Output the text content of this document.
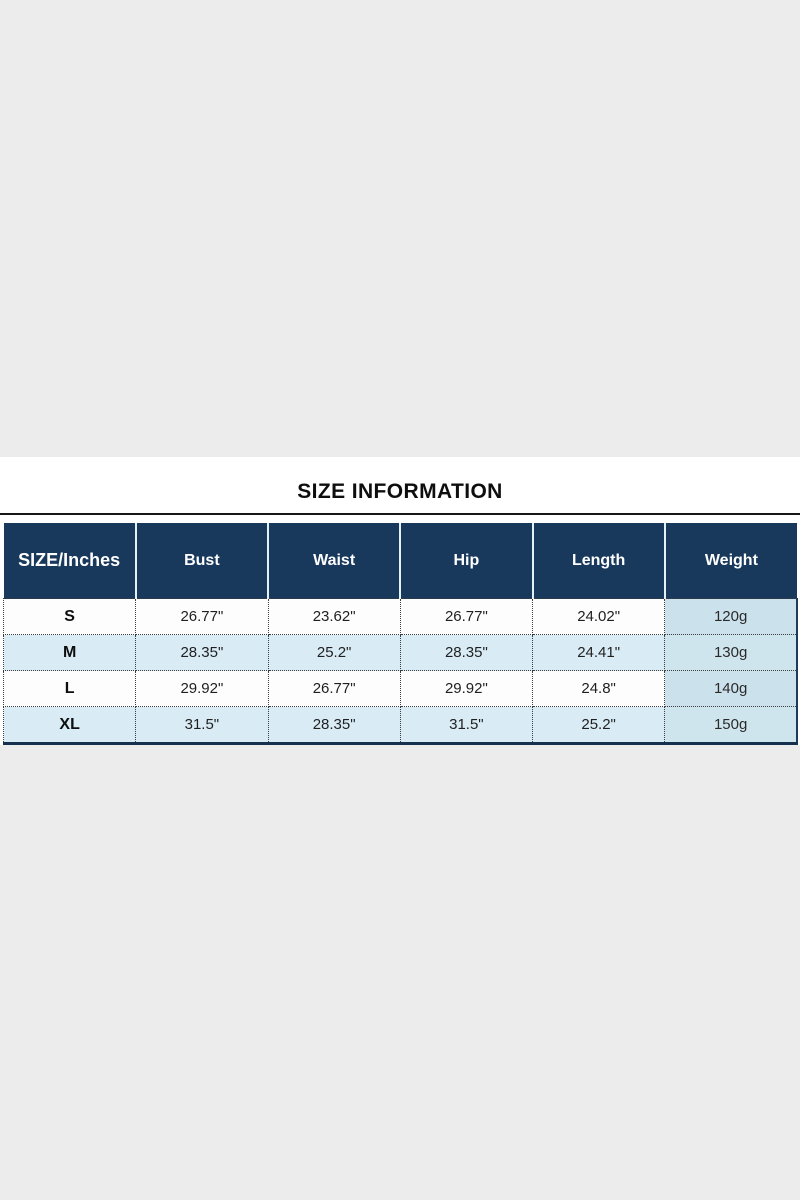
SIZE INFORMATION
SIZE/Inches	Bust	Waist	Hip	Length	Weight
S	26.77"	23.62"	26.77"	24.02"	120g
M	28.35"	25.2"	28.35"	24.41"	130g
L	29.92"	26.77"	29.92"	24.8"	140g
XL	31.5"	28.35"	31.5"	25.2"	150g
